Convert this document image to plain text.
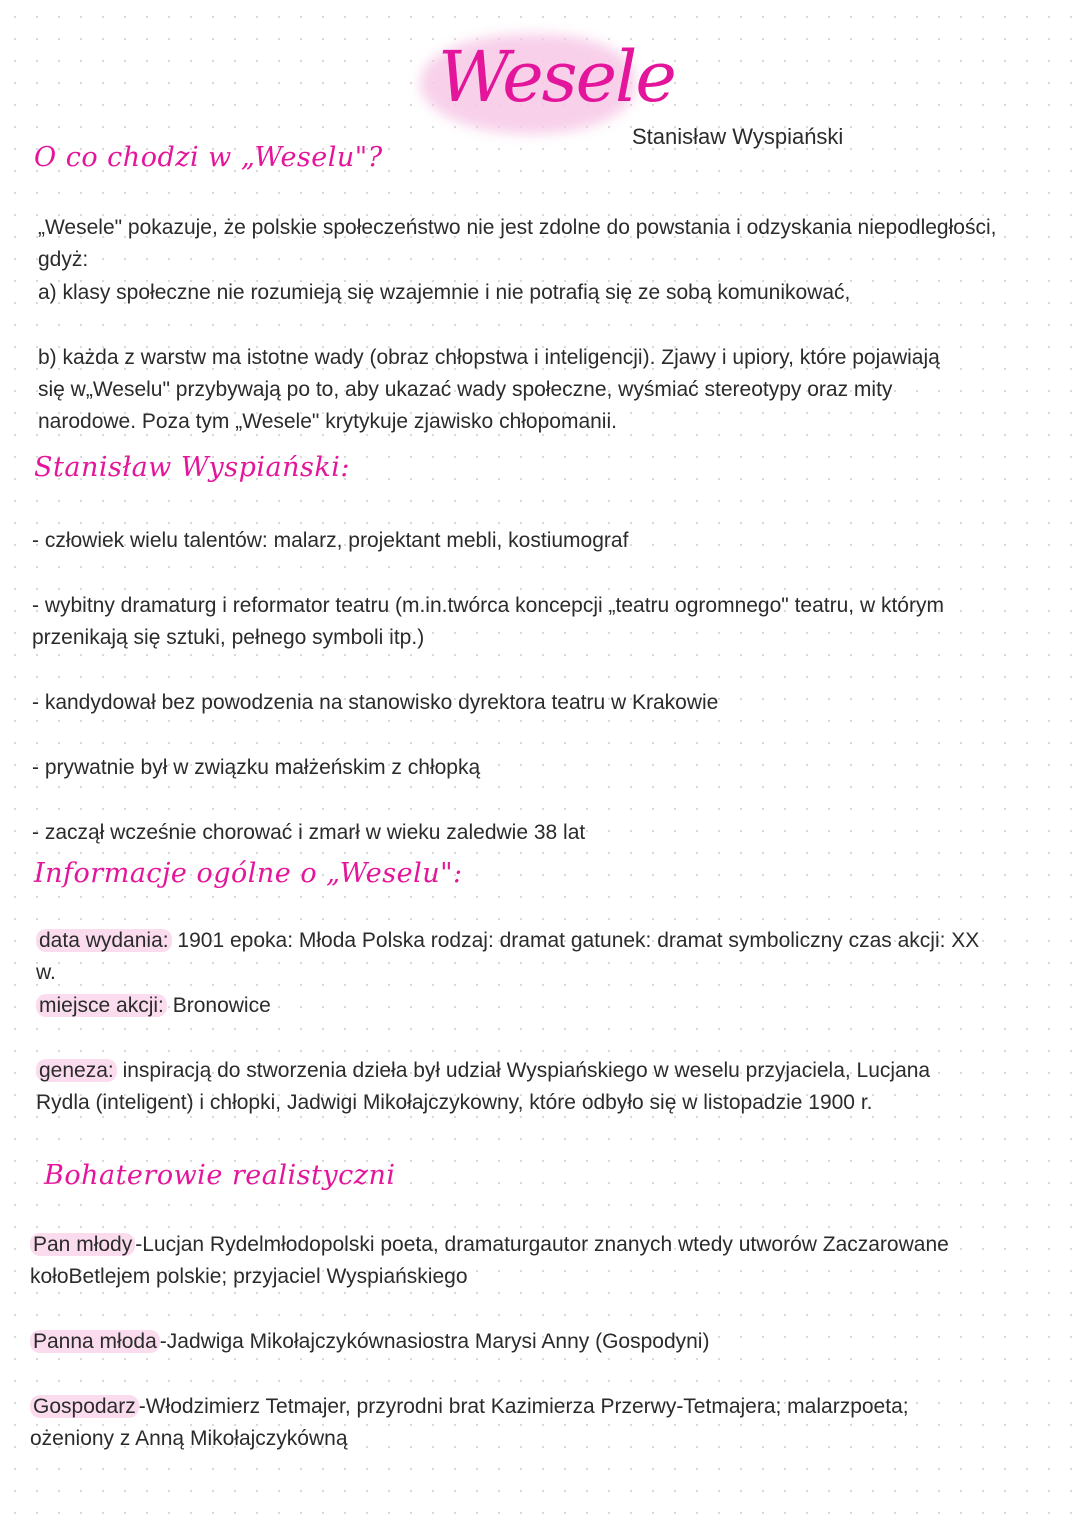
Wesele
Stanisław Wyspiański
O co chodzi w „Weselu"?
„Wesele" pokazuje, że polskie społeczeństwo nie jest zdolne do powstania i odzyskania niepodległości, gdyż:
a) klasy społeczne nie rozumieją się wzajemnie i nie potrafią się ze sobą komunikować,
b) każda z warstw ma istotne wady (obraz chłopstwa i inteligencji). Zjawy i upiory, które pojawiają się w„Weselu" przybywają po to, aby ukazać wady społeczne, wyśmiać stereotypy oraz mity narodowe. Poza tym „Wesele" krytykuje zjawisko chłopomanii.
Stanisław Wyspiański:
- człowiek wielu talentów: malarz, projektant mebli, kostiumograf
- wybitny dramaturg i reformator teatru (m.in.twórca koncepcji „teatru ogromnego" teatru, w którym przenikają się sztuki, pełnego symboli itp.)
- kandydował bez powodzenia na stanowisko dyrektora teatru w Krakowie
- prywatnie był w związku małżeńskim z chłopką
- zaczął wcześnie chorować i zmarł w wieku zaledwie 38 lat
Informacje ogólne o „Weselu":
data wydania: 1901 epoka: Młoda Polska rodzaj: dramat gatunek: dramat symboliczny czas akcji: XX w.
miejsce akcji: Bronowice
geneza: inspiracją do stworzenia dzieła był udział Wyspiańskiego w weselu przyjaciela, Lucjana Rydla (inteligent) i chłopki, Jadwigi Mikołajczykowny, które odbyło się w listopadzie 1900 r.
Bohaterowie realistyczni
Pan młody -Lucjan Rydelmłodopolski poeta, dramaturgautor znanych wtedy utworów Zaczarowane kołoBetlejem polskie; przyjaciel Wyspiańskiego
Panna młoda -Jadwiga Mikołajczykównasiostra Marysi Anny (Gospodyni)
Gospodarz -Włodzimierz Tetmajer, przyrodni brat Kazimierza Przerwy-Tetmajera; malarzpoeta; ożeniony z Anną Mikołajczykówną
